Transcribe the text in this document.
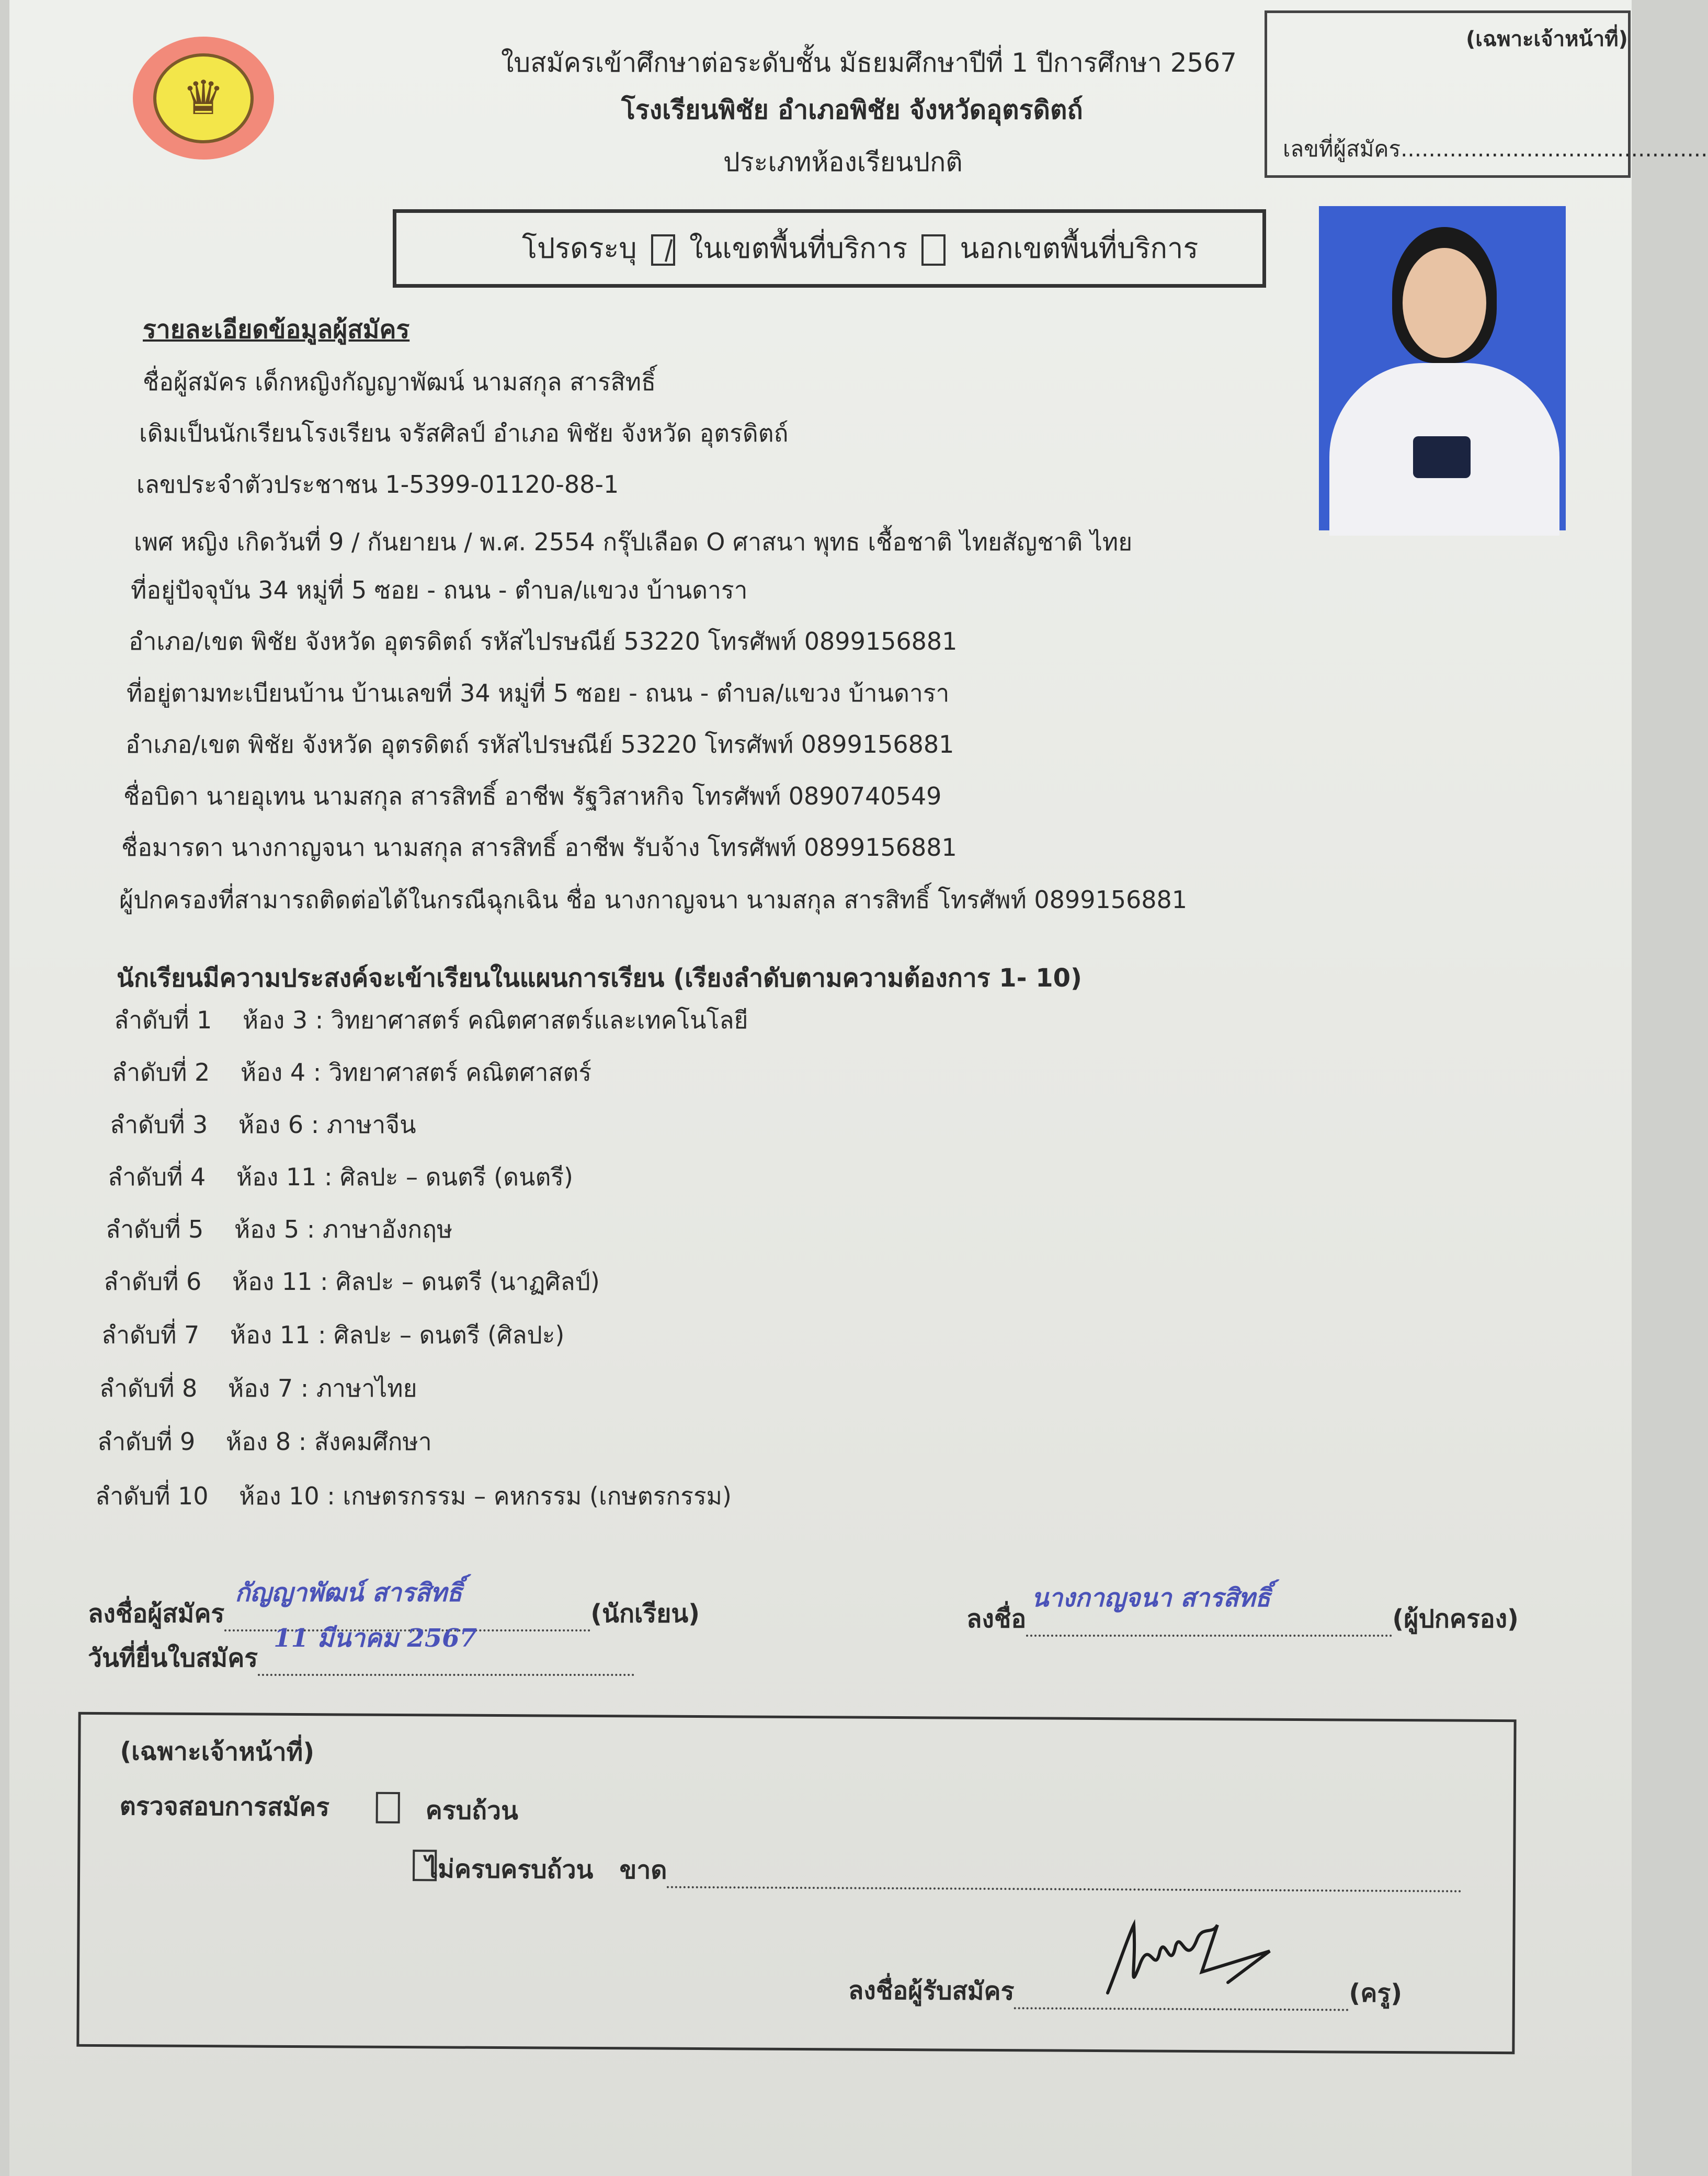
♛
ใบสมัครเข้าศึกษาต่อระดับชั้น มัธยมศึกษาปีที่ 1 ปีการศึกษา 2567
โรงเรียนพิชัย อำเภอพิชัย จังหวัดอุตรดิตถ์
ประเภทห้องเรียนปกติ
(เฉพาะเจ้าหน้าที่)
เลขที่ผู้สมัคร............................................
โปรดระบุ ในเขตพื้นที่บริการ นอกเขตพื้นที่บริการ
รายละเอียดข้อมูลผู้สมัคร
ชื่อผู้สมัคร เด็กหญิงกัญญาพัฒน์ นามสกุล สารสิทธิ์
เดิมเป็นนักเรียนโรงเรียน จรัสศิลป์ อำเภอ พิชัย จังหวัด อุตรดิตถ์
เลขประจำตัวประชาชน 1-5399-01120-88-1
เพศ หญิง เกิดวันที่ 9 / กันยายน / พ.ศ. 2554 กรุ๊ปเลือด O ศาสนา พุทธ เชื้อชาติ ไทยสัญชาติ ไทย
ที่อยู่ปัจจุบัน 34 หมู่ที่ 5 ซอย - ถนน - ตำบล/แขวง บ้านดารา
อำเภอ/เขต พิชัย จังหวัด อุตรดิตถ์ รหัสไปรษณีย์ 53220 โทรศัพท์ 0899156881
ที่อยู่ตามทะเบียนบ้าน บ้านเลขที่ 34 หมู่ที่ 5 ซอย - ถนน - ตำบล/แขวง บ้านดารา
อำเภอ/เขต พิชัย จังหวัด อุตรดิตถ์ รหัสไปรษณีย์ 53220 โทรศัพท์ 0899156881
ชื่อบิดา นายอุเทน นามสกุล สารสิทธิ์ อาชีพ รัฐวิสาหกิจ โทรศัพท์ 0890740549
ชื่อมารดา นางกาญจนา นามสกุล สารสิทธิ์ อาชีพ รับจ้าง โทรศัพท์ 0899156881
ผู้ปกครองที่สามารถติดต่อได้ในกรณีฉุกเฉิน ชื่อ นางกาญจนา นามสกุล สารสิทธิ์ โทรศัพท์ 0899156881
นักเรียนมีความประสงค์จะเข้าเรียนในแผนการเรียน (เรียงลำดับตามความต้องการ 1- 10)
ลำดับที่ 1 ห้อง 3 : วิทยาศาสตร์ คณิตศาสตร์และเทคโนโลยี
ลำดับที่ 2 ห้อง 4 : วิทยาศาสตร์ คณิตศาสตร์
ลำดับที่ 3 ห้อง 6 : ภาษาจีน
ลำดับที่ 4 ห้อง 11 : ศิลปะ – ดนตรี (ดนตรี)
ลำดับที่ 5 ห้อง 5 : ภาษาอังกฤษ
ลำดับที่ 6 ห้อง 11 : ศิลปะ – ดนตรี (นาฏศิลป์)
ลำดับที่ 7 ห้อง 11 : ศิลปะ – ดนตรี (ศิลปะ)
ลำดับที่ 8 ห้อง 7 : ภาษาไทย
ลำดับที่ 9 ห้อง 8 : สังคมศึกษา
ลำดับที่ 10 ห้อง 10 : เกษตรกรรม – คหกรรม (เกษตรกรรม)
ลงชื่อผู้สมัคร
กัญญาพัฒน์ สารสิทธิ์
(นักเรียน)	ลงชื่อ
นางกาญจนา สารสิทธิ์
(ผู้ปกครอง)
วันที่ยื่นใบสมัคร
11 มีนาคม 2567

(เฉพาะเจ้าหน้าที่)
ตรวจสอบการสมัคร
	ครบถ้วน
ไม่ครบครบถ้วน ขาด
ลงชื่อผู้รับสมัคร	(ครู)
